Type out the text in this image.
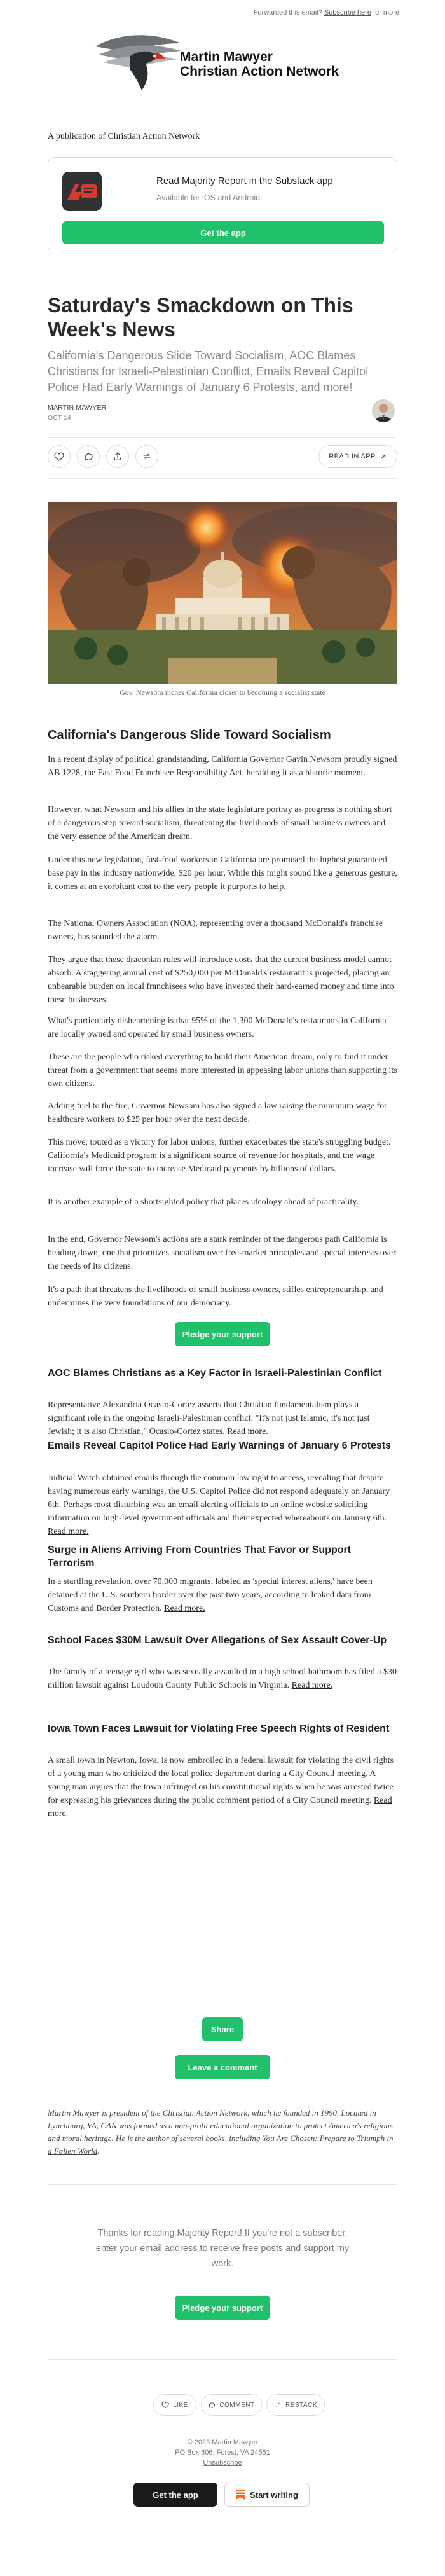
Forwarded this email? Subscribe here for more
Martin Mawyer
Christian Action Network
A publication of Christian Action Network
Read Majority Report in the Substack app
Available for iOS and Android
Get the app
Saturday's Smackdown on This Week's News
California's Dangerous Slide Toward Socialism, AOC Blames Christians for Israeli-Palestinian Conflict, Emails Reveal Capitol Police Had Early Warnings of January 6 Protests, and more!
MARTIN MAWYER
OCT 14
READ IN APP
Gov. Newsom inches California closer to becoming a socialist state
California's Dangerous Slide Toward Socialism
In a recent display of political grandstanding, California Governor Gavin Newsom proudly signed AB 1228, the Fast Food Franchisee Responsibility Act, heralding it as a historic moment.
However, what Newsom and his allies in the state legislature portray as progress is nothing short of a dangerous step toward socialism, threatening the livelihoods of small business owners and the very essence of the American dream.
Under this new legislation, fast-food workers in California are promised the highest guaranteed base pay in the industry nationwide, $20 per hour. While this might sound like a generous gesture, it comes at an exorbitant cost to the very people it purports to help.
The National Owners Association (NOA), representing over a thousand McDonald's franchise owners, has sounded the alarm.
They argue that these draconian rules will introduce costs that the current business model cannot absorb. A staggering annual cost of $250,000 per McDonald's restaurant is projected, placing an unbearable burden on local franchisees who have invested their hard-earned money and time into these businesses.
What's particularly disheartening is that 95% of the 1,300 McDonald's restaurants in California are locally owned and operated by small business owners.
These are the people who risked everything to build their American dream, only to find it under threat from a government that seems more interested in appeasing labor unions than supporting its own citizens.
Adding fuel to the fire, Governor Newsom has also signed a law raising the minimum wage for healthcare workers to $25 per hour over the next decade.
This move, touted as a victory for labor unions, further exacerbates the state's struggling budget. California's Medicaid program is a significant source of revenue for hospitals, and the wage increase will force the state to increase Medicaid payments by billions of dollars.
It is another example of a shortsighted policy that places ideology ahead of practicality.
In the end, Governor Newsom's actions are a stark reminder of the dangerous path California is heading down, one that prioritizes socialism over free-market principles and special interests over the needs of its citizens.
It's a path that threatens the livelihoods of small business owners, stifles entrepreneurship, and undermines the very foundations of our democracy.
Pledge your support
AOC Blames Christians as a Key Factor in Israeli-Palestinian Conflict
Representative Alexandria Ocasio-Cortez asserts that Christian fundamentalism plays a significant role in the ongoing Israeli-Palestinian conflict. "It's not just Islamic, it's not just Jewish; it is also Christian," Ocasio-Cortez states. Read more.
Emails Reveal Capitol Police Had Early Warnings of January 6 Protests
Judicial Watch obtained emails through the common law right to access, revealing that despite having numerous early warnings, the U.S. Capitol Police did not respond adequately on January 6th. Perhaps most disturbing was an email alerting officials to an online website soliciting information on high-level government officials and their expected whereabouts on January 6th. Read more.
Surge in Aliens Arriving From Countries That Favor or Support Terrorism
In a startling revelation, over 70,000 migrants, labeled as 'special interest aliens,' have been detained at the U.S. southern border over the past two years, according to leaked data from Customs and Border Protection. Read more.
School Faces $30M Lawsuit Over Allegations of Sex Assault Cover-Up
The family of a teenage girl who was sexually assaulted in a high school bathroom has filed a $30 million lawsuit against Loudoun County Public Schools in Virginia. Read more.
Iowa Town Faces Lawsuit for Violating Free Speech Rights of Resident
A small town in Newton, Iowa, is now embroiled in a federal lawsuit for violating the civil rights of a young man who criticized the local police department during a City Council meeting. A young man argues that the town infringed on his constitutional rights when he was arrested twice for expressing his grievances during the public comment period of a City Council meeting. Read more.
Share
Leave a comment
Martin Mawyer is president of the Christian Action Network, which he founded in 1990. Located in Lynchburg, VA, CAN was formed as a non-profit educational organization to protect America's religious and moral heritage. He is the author of several books, including You Are Chosen: Prepare to Triumph in a Fallen World.
Thanks for reading Majority Report! If you're not a subscriber, enter your email address to receive free posts and support my work.
Pledge your support
LIKE	COMMENT	RESTACK
© 2023 Martin Mawyer
PO Box 606, Forest, VA 24551
Unsubscribe
Get the app	Start writing
